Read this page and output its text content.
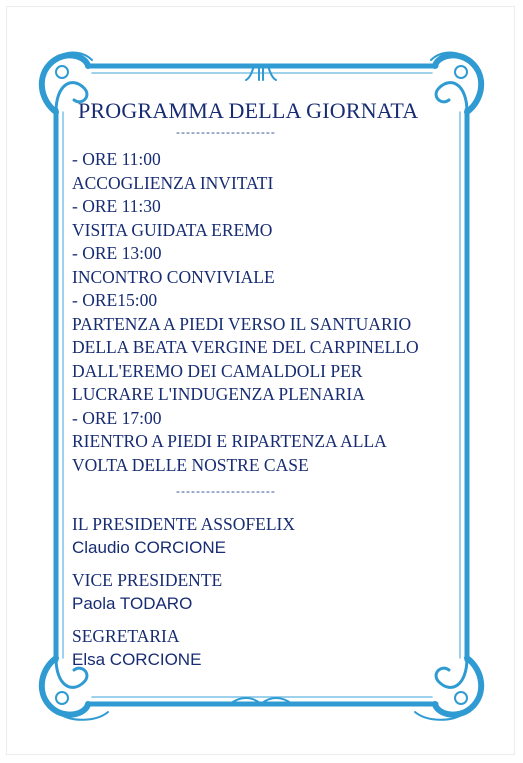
PROGRAMMA DELLA GIORNATA
--------------------
- ORE 11:00
ACCOGLIENZA INVITATI
- ORE 11:30
VISITA GUIDATA EREMO
- ORE 13:00
INCONTRO CONVIVIALE
- ORE15:00
PARTENZA A PIEDI VERSO IL SANTUARIO
DELLA BEATA VERGINE DEL CARPINELLO
DALL'EREMO DEI CAMALDOLI PER
LUCRARE L'INDUGENZA PLENARIA
- ORE 17:00
RIENTRO A PIEDI E RIPARTENZA ALLA
VOLTA DELLE NOSTRE CASE
--------------------
IL PRESIDENTE ASSOFELIX
Claudio CORCIONE
VICE PRESIDENTE
Paola TODARO
SEGRETARIA
Elsa CORCIONE
